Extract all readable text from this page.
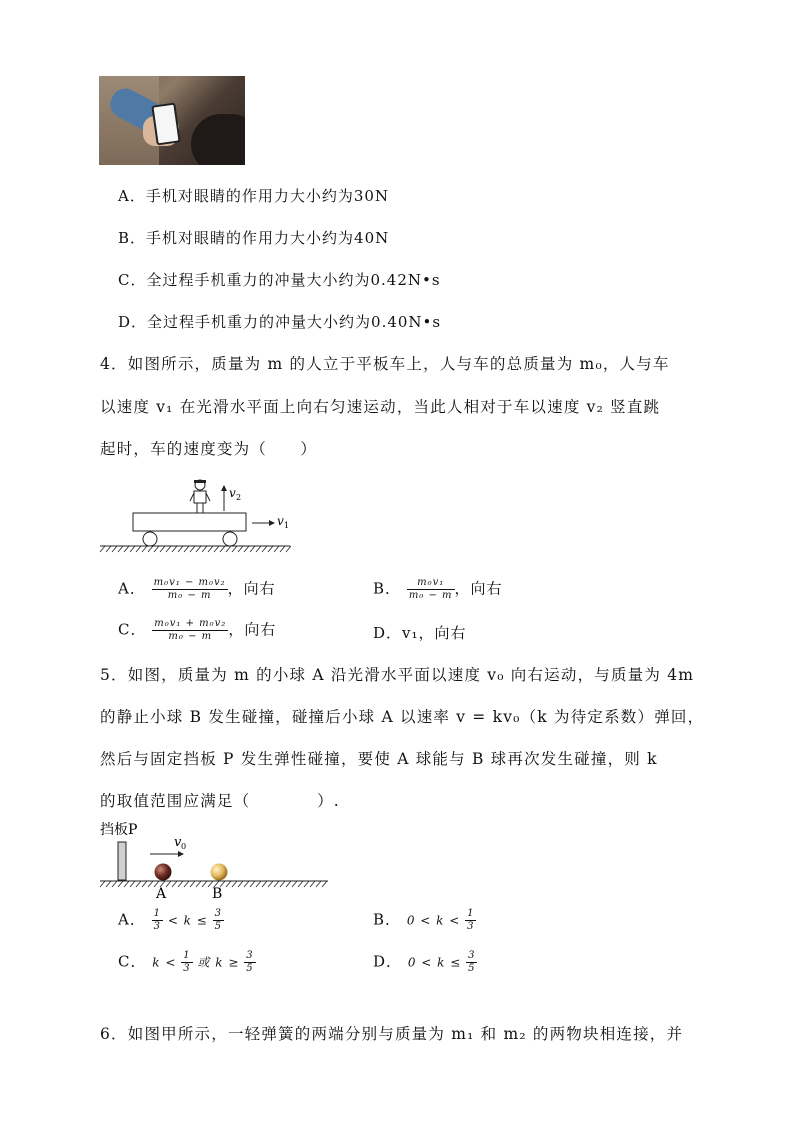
A．手机对眼睛的作用力大小约为30N
B．手机对眼睛的作用力大小约为40N
C．全过程手机重力的冲量大小约为0.42N•s
D．全过程手机重力的冲量大小约为0.40N•s
4．如图所示，质量为 m 的人立于平板车上，人与车的总质量为 m₀，人与车
以速度 v₁ 在光滑水平面上向右匀速运动，当此人相对于车以速度 v₂ 竖直跳
起时，车的速度变为（　　）
v 2
v 1
A． $\frac{\text{m₀v₁ − m₀v₂}}{\text{m₀ − m}}$ ，向右	B． $\frac{\text{m₀v₁}}{\text{m₀ − m}}$ ，向右
C． $\frac{\text{m₀v₁ + m₀v₂}}{\text{m₀ − m}}$ ，向右	D．v₁，向右
5．如图，质量为 m 的小球 A 沿光滑水平面以速度 v₀ 向右运动，与质量为 4m
的静止小球 B 发生碰撞，碰撞后小球 A 以速率 v = kv₀（k 为待定系数）弹回，
然后与固定挡板 P 发生弹性碰撞，要使 A 球能与 B 球再次发生碰撞，则 k
的取值范围应满足（　　　　）.
挡板P
v 0
A	B
A． $\frac{1}{3} < k \le \frac{3}{5}$	B． $0 < k < \frac{1}{3}$
C． $k < \frac{1}{3}$ 或 $k \ge \frac{3}{5}$	D． $0 < k \le \frac{3}{5}$
6．如图甲所示，一轻弹簧的两端分别与质量为 m₁ 和 m₂ 的两物块相连接，并
